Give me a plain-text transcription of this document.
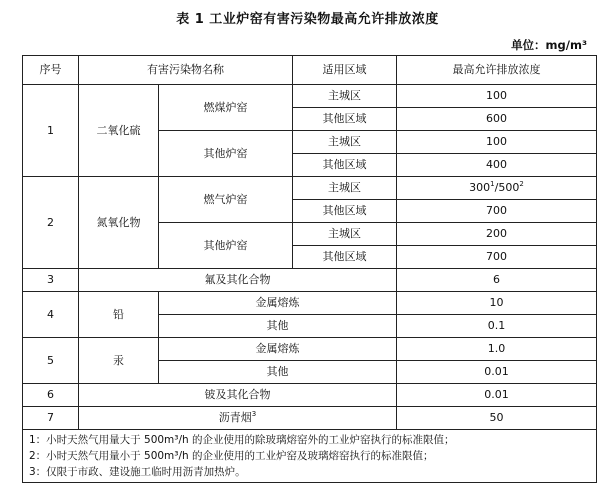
表 1 工业炉窑有害污染物最高允许排放浓度
单位：mg/m³
序号	有害污染物名称		适用区域	最高允许排放浓度
1	二氧化硫	燃煤炉窑	主城区	100
			其他区域	600
		其他炉窑	主城区	100
			其他区域	400
2	氮氧化物	燃气炉窑	主城区	$300^1/500^2$
			其他区域	700
		其他炉窑	主城区	200
			其他区域	700
3	氟及其化合物			6
4	铅	金属熔炼		10
		其他		0.1
5	汞	金属熔炼		1.0
		其他		0.01
6	铍及其化合物			0.01
7	沥青烟$^3$			50

1：小时天然气用量大于 500m³/h 的企业使用的除玻璃熔窑外的工业炉窑执行的标准限值；
2：小时天然气用量小于 500m³/h 的企业使用的工业炉窑及玻璃熔窑执行的标准限值；
3：仅限于市政、建设施工临时用沥青加热炉。				
